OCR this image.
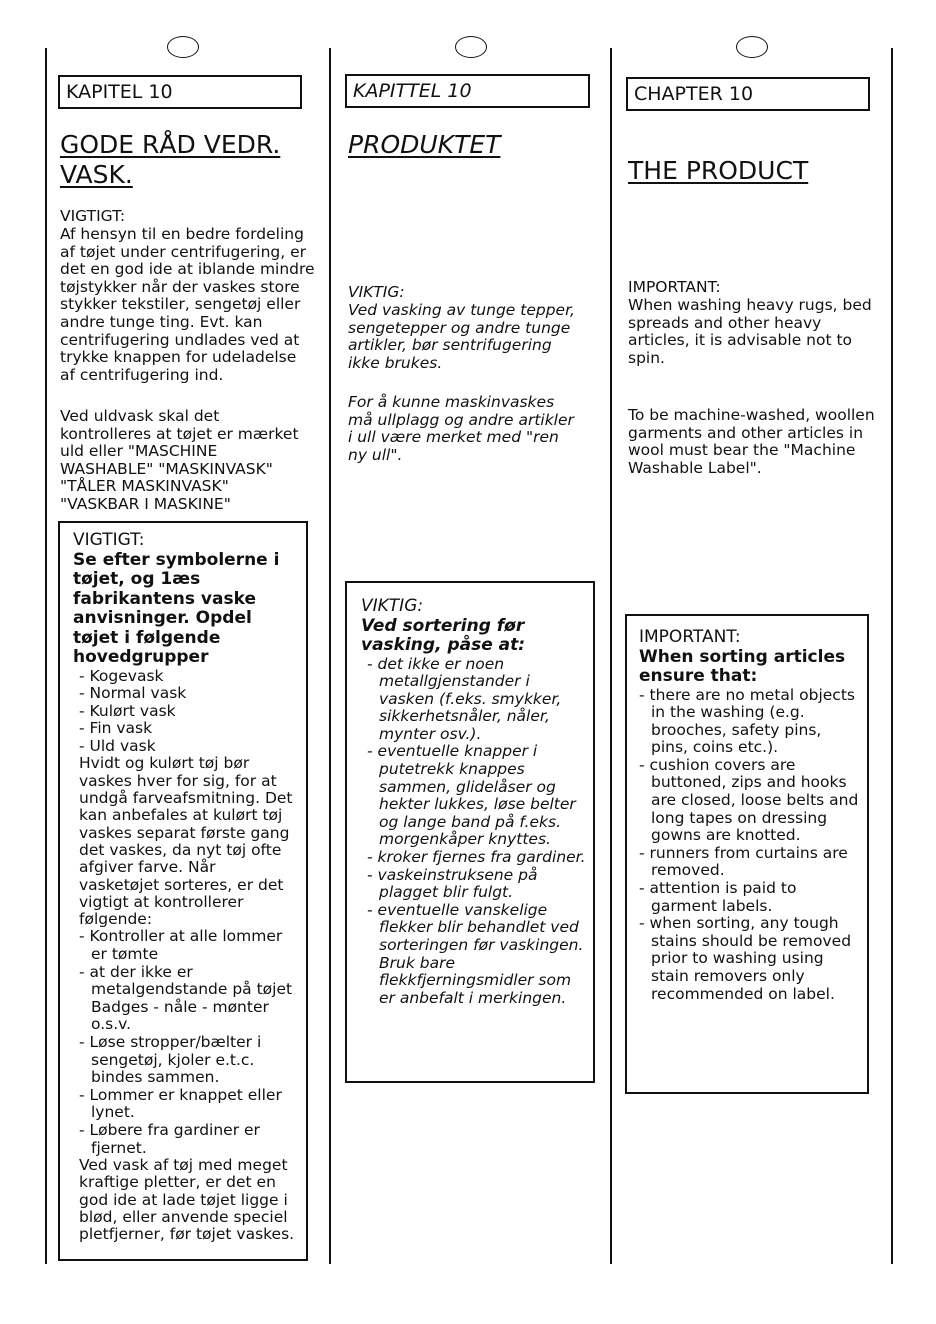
KAPITEL 10
GODE RÅD VEDR. VASK.

VIGTIGT:

Af hensyn til en bedre fordeling af tøjet under centrifugering, er det en god ide at iblande mindre tøjstykker når der vaskes store stykker tekstiler, sengetøj eller andre tunge ting. Evt. kan centrifugering undlades ved at trykke knappen for udeladelse af centrifugering ind.

Ved uldvask skal det kontrolleres at tøjet er mærket uld eller "MASCHINE WASHABLE" "MASKINVASK" "TÅLER MASKINVASK" "VASKBAR I MASKINE"

VIGTIGT:

Se efter symbolerne i tøjet, og 1æs fabrikantens vaske anvisninger. Opdel tøjet i følgende hovedgrupper

- Kogevask
- Normal vask
- Kulørt vask
- Fin vask
- Uld vask

Hvidt og kulørt tøj bør vaskes hver for sig, for at undgå farveafsmitning. Det kan anbefales at kulørt tøj vaskes separat første gang det vaskes, da nyt tøj ofte afgiver farve. Når vasketøjet sorteres, er det vigtigt at kontrollerer følgende:

- Kontroller at alle lommer er tømte
- at der ikke er metalgendstande på tøjet Badges - nåle - mønter o.s.v.
- Løse stropper/bælter i sengetøj, kjoler e.t.c. bindes sammen.
- Lommer er knappet eller lynet.
- Løbere fra gardiner er fjernet.

Ved vask af tøj med meget kraftige pletter, er det en god ide at lade tøjet ligge i blød, eller anvende speciel pletfjerner, før tøjet vaskes.

KAPITTEL 10
PRODUKTET

VIKTIG:

Ved vasking av tunge tepper, sengetepper og andre tunge artikler, bør sentrifugering ikke brukes.

For å kunne maskinvaskes må ullplagg og andre artikler i ull være merket med "ren ny ull".

VIKTIG:

Ved sortering før vasking, påse at:

- det ikke er noen metallgjenstander i vasken (f.eks. smykker, sikkerhetsnåler, nåler, mynter osv.).
- eventuelle knapper i putetrekk knappes sammen, glidelåser og hekter lukkes, løse belter og lange band på f.eks. morgenkåper knyttes.
- kroker fjernes fra gardiner.
- vaskeinstruksene på plagget blir fulgt.
- eventuelle vanskelige flekker blir behandlet ved sorteringen før vaskingen. Bruk bare flekkfjerningsmidler som er anbefalt i merkingen.
CHAPTER 10
THE PRODUCT

IMPORTANT:

When washing heavy rugs, bed spreads and other heavy articles, it is advisable not to spin.

To be machine-washed, woollen garments and other articles in wool must bear the "Machine Washable Label".

IMPORTANT:

When sorting articles ensure that:

- there are no metal objects in the washing (e.g. brooches, safety pins, pins, coins etc.).
- cushion covers are buttoned, zips and hooks are closed, loose belts and long tapes on dressing gowns are knotted.
- runners from curtains are removed.
- attention is paid to garment labels.
- when sorting, any tough stains should be removed prior to washing using stain removers only recommended on label.
